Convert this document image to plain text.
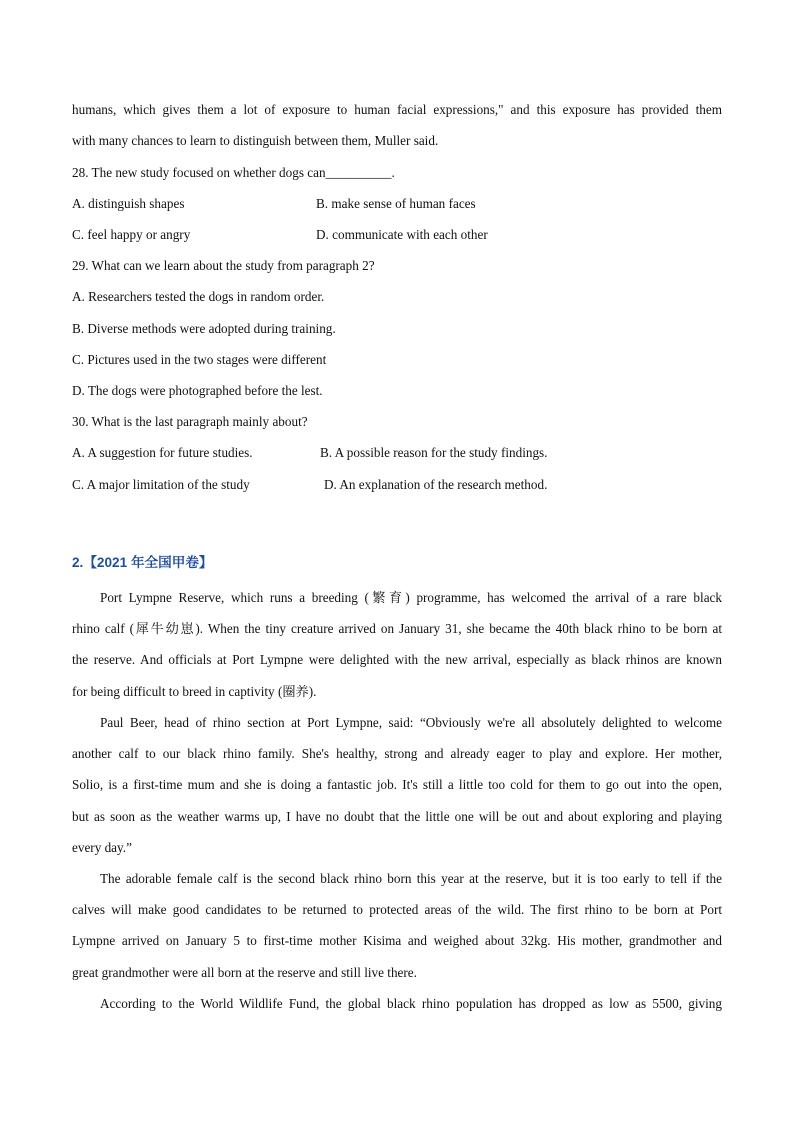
humans, which gives them a lot of exposure to human facial expressions," and this exposure has provided them
with many chances to learn to distinguish between them, Muller said.
28. The new study focused on whether dogs can__________.
A. distinguish shapes	B. make sense of human faces
C. feel happy or angry	D. communicate with each other
29. What can we learn about the study from paragraph 2?
A. Researchers tested the dogs in random order.
B. Diverse methods were adopted during training.
C. Pictures used in the two stages were different
D. The dogs were photographed before the lest.
30. What is the last paragraph mainly about?
A. A suggestion for future studies.	B. A possible reason for the study findings.
C. A major limitation of the study	D. An explanation of the research method.
2.【2021 年全国甲卷】
Port Lympne Reserve, which runs a breeding (繁育) programme, has welcomed the arrival of a rare black
rhino calf (犀牛幼崽). When the tiny creature arrived on January 31, she became the 40th black rhino to be born at
the reserve. And officials at Port Lympne were delighted with the new arrival, especially as black rhinos are known
for being difficult to breed in captivity (圈养).
Paul Beer, head of rhino section at Port Lympne, said: “Obviously we're all absolutely delighted to welcome
another calf to our black rhino family. She's healthy, strong and already eager to play and explore. Her mother,
Solio, is a first-time mum and she is doing a fantastic job. It's still a little too cold for them to go out into the open,
but as soon as the weather warms up, I have no doubt that the little one will be out and about exploring and playing
every day.”
The adorable female calf is the second black rhino born this year at the reserve, but it is too early to tell if the
calves will make good candidates to be returned to protected areas of the wild. The first rhino to be born at Port
Lympne arrived on January 5 to first-time mother Kisima and weighed about 32kg. His mother, grandmother and
great grandmother were all born at the reserve and still live there.
According to the World Wildlife Fund, the global black rhino population has dropped as low as 5500, giving
